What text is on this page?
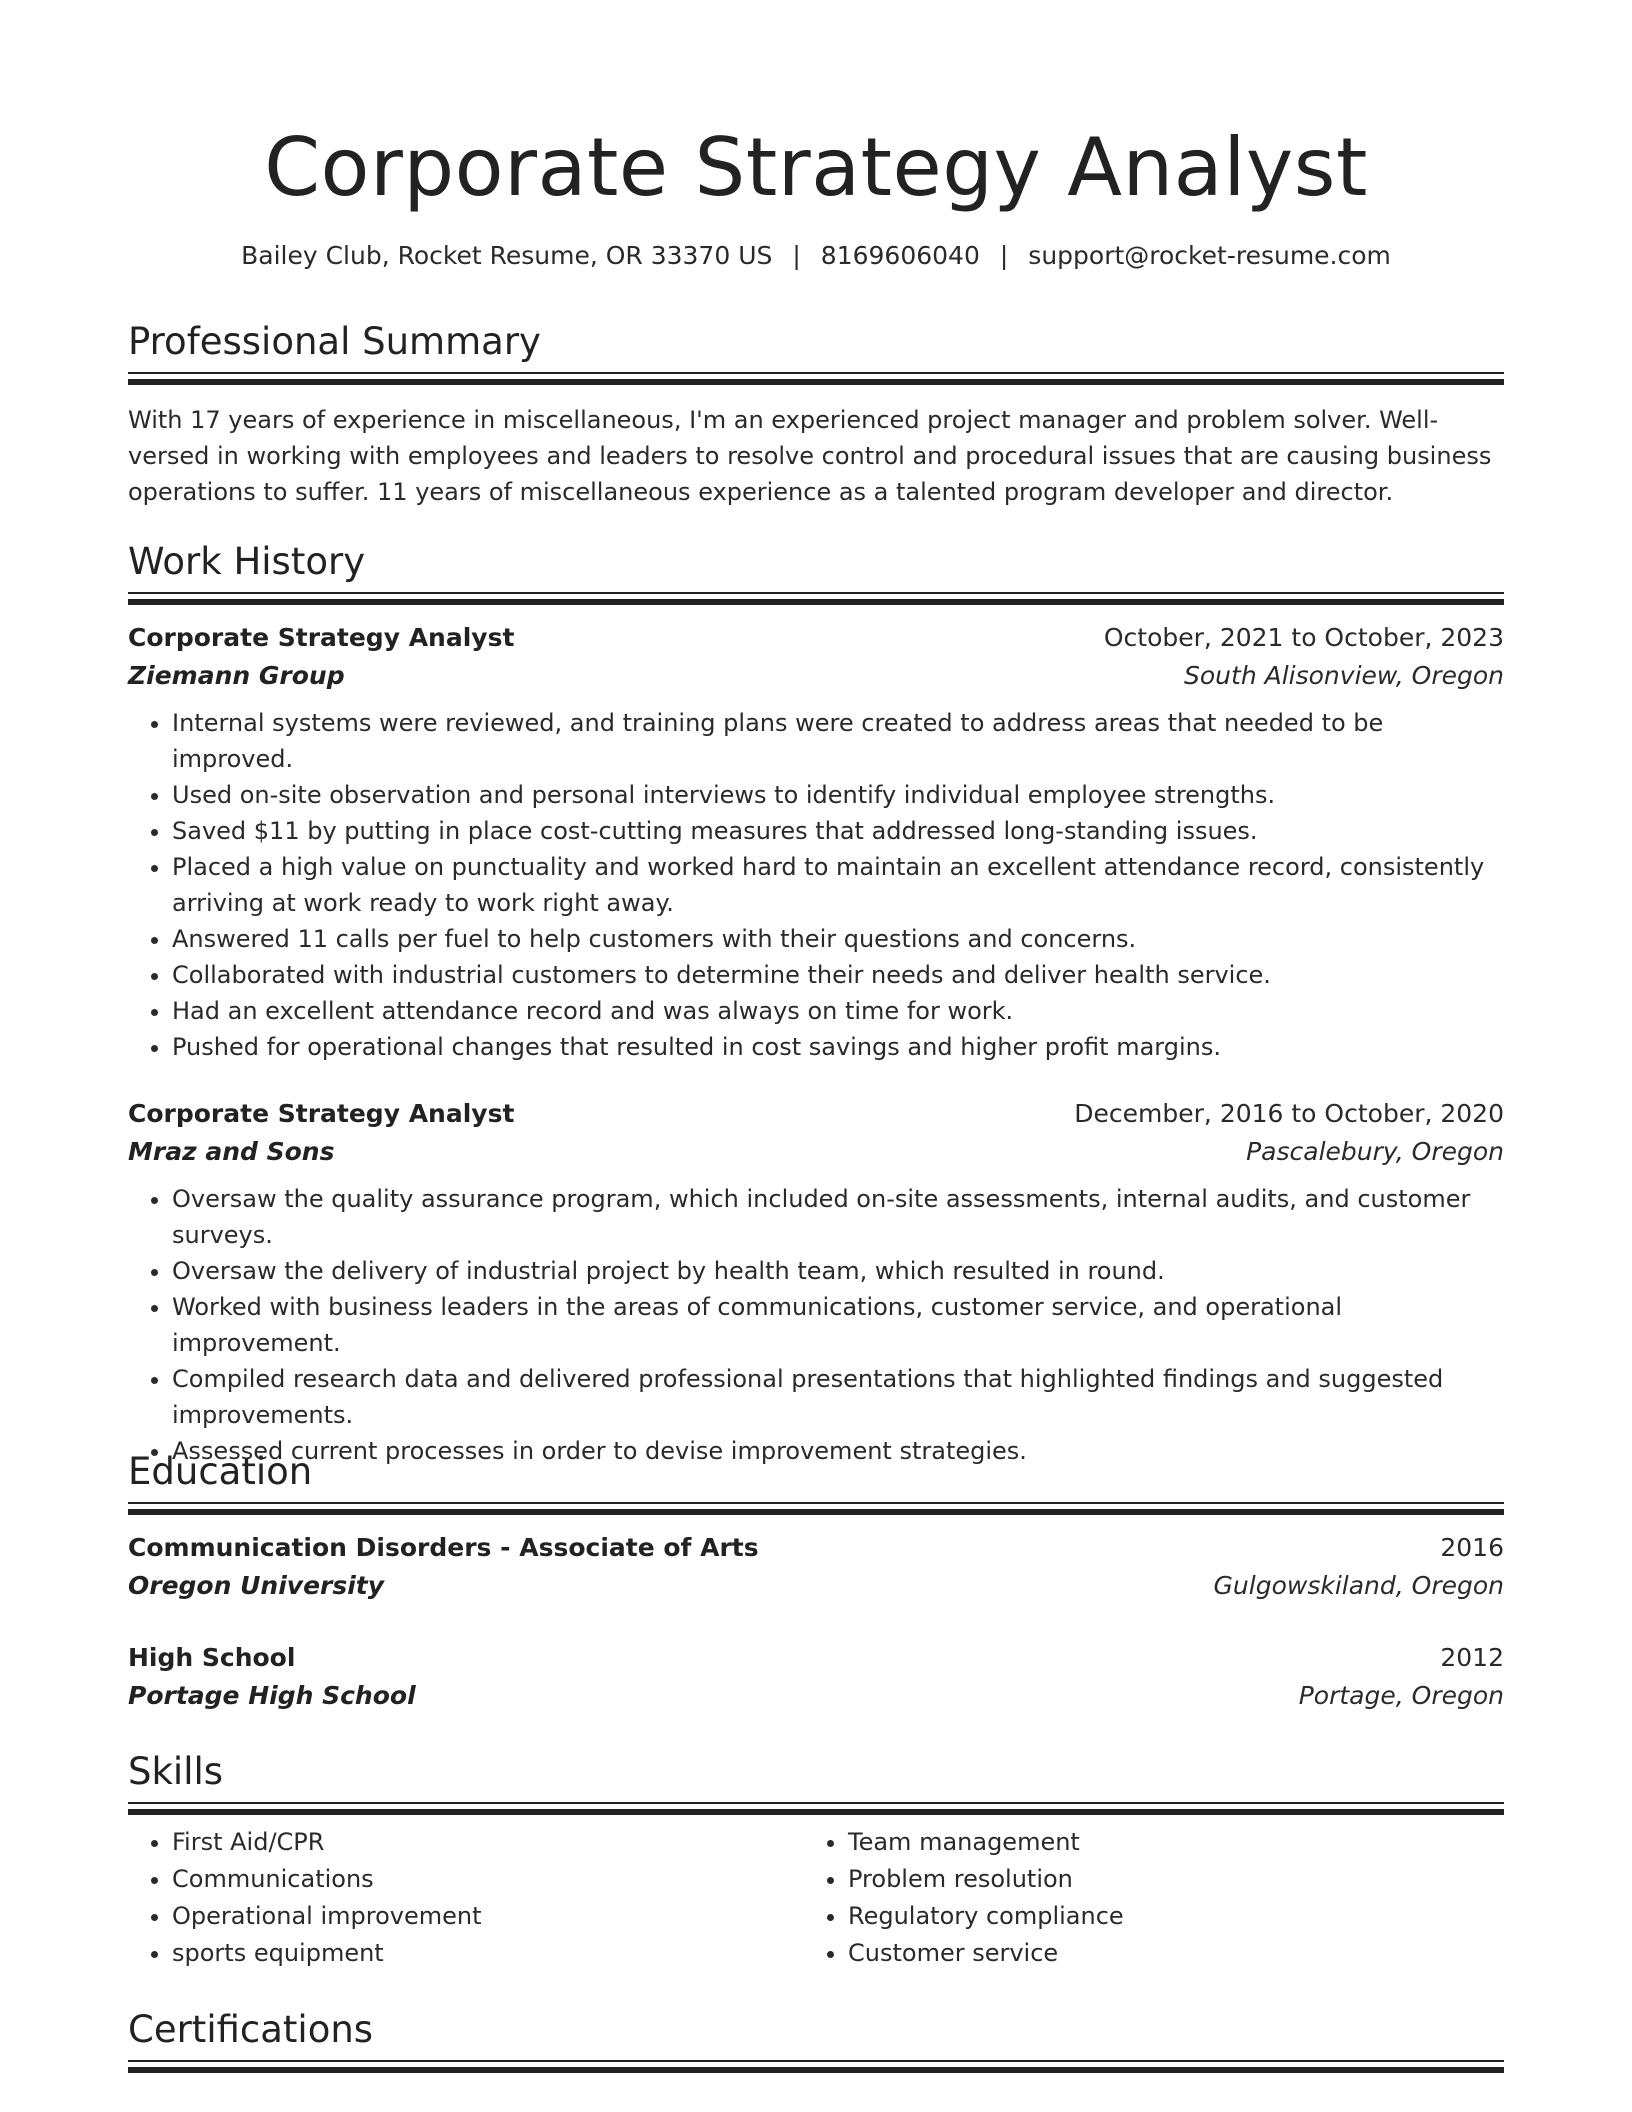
Corporate Strategy Analyst
Bailey Club, Rocket Resume, OR 33370 US | 8169606040 | support@rocket-resume.com
Professional Summary

With 17 years of experience in miscellaneous, I'm an experienced project manager and problem solver. Well-versed in working with employees and leaders to resolve control and procedural issues that are causing business operations to suffer. 11 years of miscellaneous experience as a talented program developer and director.

Work History
Corporate Strategy Analyst	October, 2021 to October, 2023
Ziemann Group	South Alisonview, Oregon
• Internal systems were reviewed, and training plans were created to address areas that needed to be improved.
• Used on-site observation and personal interviews to identify individual employee strengths.
• Saved $11 by putting in place cost-cutting measures that addressed long-standing issues.
• Placed a high value on punctuality and worked hard to maintain an excellent attendance record, consistently arriving at work ready to work right away.
• Answered 11 calls per fuel to help customers with their questions and concerns.
• Collaborated with industrial customers to determine their needs and deliver health service.
• Had an excellent attendance record and was always on time for work.
• Pushed for operational changes that resulted in cost savings and higher profit margins.
Corporate Strategy Analyst	December, 2016 to October, 2020
Mraz and Sons	Pascalebury, Oregon
• Oversaw the quality assurance program, which included on-site assessments, internal audits, and customer surveys.
• Oversaw the delivery of industrial project by health team, which resulted in round.
• Worked with business leaders in the areas of communications, customer service, and operational improvement.
• Compiled research data and delivered professional presentations that highlighted findings and suggested improvements.
• Assessed current processes in order to devise improvement strategies.
Education
Communication Disorders - Associate of Arts	2016
Oregon University	Gulgowskiland, Oregon
High School	2012
Portage High School	Portage, Oregon
Skills
• First Aid/CPR
• Communications
• Operational improvement
• sports equipment
• Team management
• Problem resolution
• Regulatory compliance
• Customer service
Certifications
